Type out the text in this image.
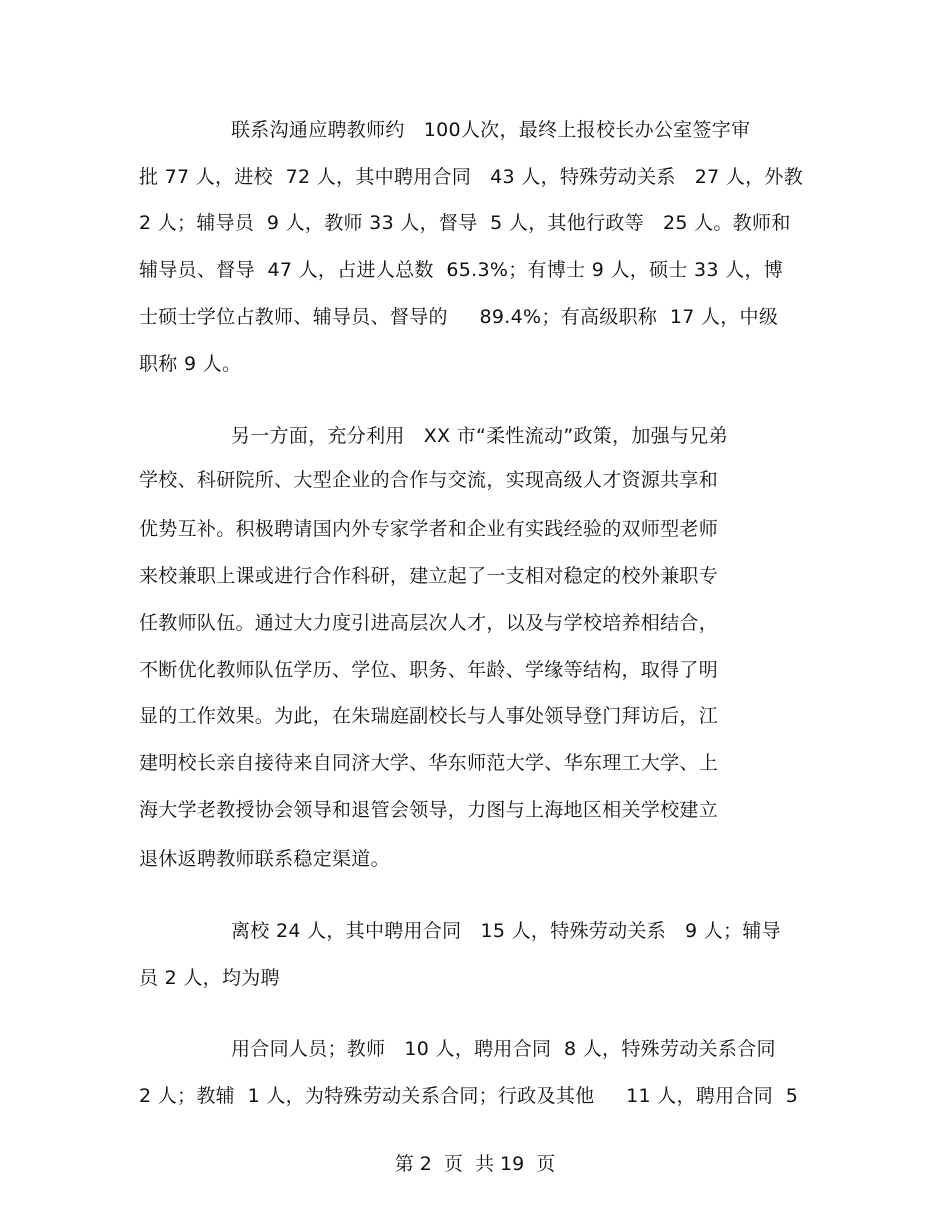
联系沟通应聘教师约   100人次，最终上报校长办公室签字审
批 77 人，进校  72 人，其中聘用合同   43 人，特殊劳动关系   27 人，外教
2 人；辅导员  9 人，教师 33 人，督导  5 人，其他行政等   25 人。教师和
辅导员、督导  47 人，占进人总数  65.3%；有博士 9 人，硕士 33 人，博
士硕士学位占教师、辅导员、督导的     89.4%；有高级职称  17 人，中级
职称 9 人。
另一方面，充分利用   XX 市“柔性流动”政策，加强与兄弟
学校、科研院所、大型企业的合作与交流，实现高级人才资源共享和
优势互补。积极聘请国内外专家学者和企业有实践经验的双师型老师
来校兼职上课或进行合作科研，建立起了一支相对稳定的校外兼职专
任教师队伍。通过大力度引进高层次人才，以及与学校培养相结合，
不断优化教师队伍学历、学位、职务、年龄、学缘等结构，取得了明
显的工作效果。为此，在朱瑞庭副校长与人事处领导登门拜访后，江
建明校长亲自接待来自同济大学、华东师范大学、华东理工大学、上
海大学老教授协会领导和退管会领导，力图与上海地区相关学校建立
退休返聘教师联系稳定渠道。
离校 24 人，其中聘用合同   15 人，特殊劳动关系   9 人；辅导
员 2 人，均为聘
用合同人员；教师   10 人，聘用合同  8 人，特殊劳动关系合同
2 人；教辅  1 人，为特殊劳动关系合同；行政及其他     11 人，聘用合同  5
第 2  页  共 19  页
